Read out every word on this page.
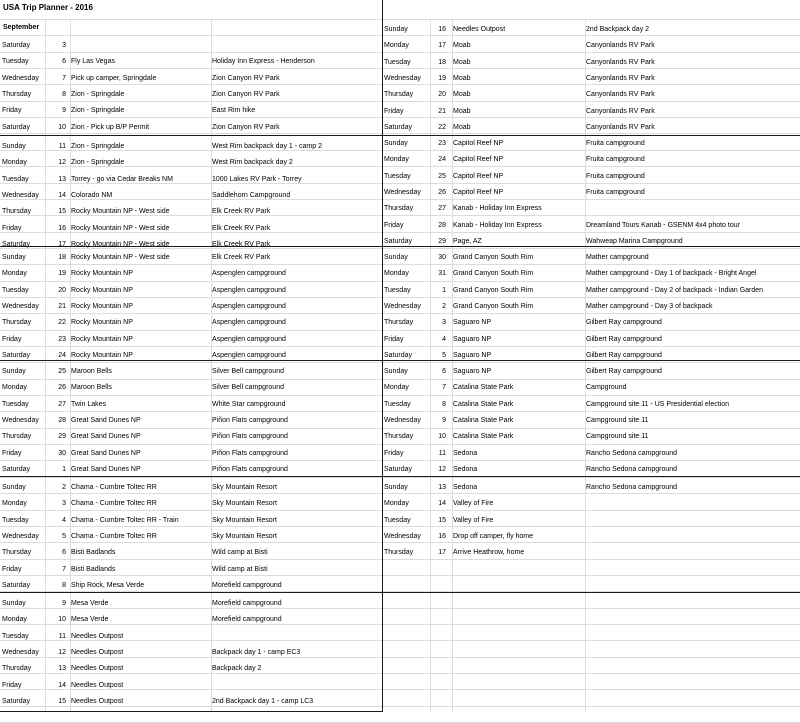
USA Trip Planner - 2016
September
Saturday	3
Tuesday	6 Fly Las Vegas	Holiday Inn Express - Henderson
Wednesday	7 Pick up camper, Springdale	Zion Canyon RV Park
Thursday	8 Zion - Springdale	Zion Canyon RV Park
Friday	9 Zion - Springdale	East Rim hike
Saturday	10 Zion - Pick up B/P Permit	Zion Canyon RV Park
Sunday	11 Zion - Springdale	West Rim backpack day 1 - camp 2
Monday	12 Zion - Springdale	West Rim backpack day 2
Tuesday	13 Torrey - go via Cedar Breaks NM	1000 Lakes RV Park - Torrey
Wednesday	14 Colorado NM	Saddlehorn Campground
Thursday	15 Rocky Mountain NP - West side	Elk Creek RV Park
Friday	16 Rocky Mountain NP - West side	Elk Creek RV Park
Saturday	17 Rocky Mountain NP - West side	Elk Creek RV Park
Sunday	18 Rocky Mountain NP - West side	Elk Creek RV Park
Monday	19 Rocky Mountain NP	Aspenglen campground
Tuesday	20 Rocky Mountain NP	Aspenglen campground
Wednesday	21 Rocky Mountain NP	Aspenglen campground
Thursday	22 Rocky Mountain NP	Aspenglen campground
Friday	23 Rocky Mountain NP	Aspenglen campground
Saturday	24 Rocky Mountain NP	Aspenglen campground
Sunday	25 Maroon Bells	Silver Bell campground
Monday	26 Maroon Bells	Silver Bell campground
Tuesday	27 Twin Lakes	White Star campground
Wednesday	28 Great Sand Dunes NP	Piñon Flats campground
Thursday	29 Great Sand Dunes NP	Piñon Flats campground
Friday	30 Great Sand Dunes NP	Piñon Flats campground
Saturday	1 Great Sand Dunes NP	Piñon Flats campground
Sunday	2 Chama - Cumbre Toltec RR	Sky Mountain Resort
Monday	3 Chama - Cumbre Toltec RR	Sky Mountain Resort
Tuesday	4 Chama - Cumbre Toltec RR - Train	Sky Mountain Resort
Wednesday	5 Chama - Cumbre Toltec RR	Sky Mountain Resort
Thursday	6 Bisti Badlands	Wild camp at Bisti
Friday	7 Bisti Badlands	Wild camp at Bisti
Saturday	8 Ship Rock, Mesa Verde	Morefield campground
Sunday	9 Mesa Verde	Morefield campground
Monday	10 Mesa Verde	Morefield campground
Tuesday	11 Needles Outpost
Wednesday	12 Needles Outpost	Backpack day 1 - camp EC3
Thursday	13 Needles Outpost	Backpack day 2
Friday	14 Needles Outpost
Saturday	15 Needles Outpost	2nd Backpack day 1 - camp LC3
Sunday	16 Needles Outpost	2nd Backpack day 2
Monday	17 Moab	Canyonlands RV Park
Tuesday	18 Moab	Canyonlands RV Park
Wednesday	19 Moab	Canyonlands RV Park
Thursday	20 Moab	Canyonlands RV Park
Friday	21 Moab	Canyonlands RV Park
Saturday	22 Moab	Canyonlands RV Park
Sunday	23 Capitol Reef NP	Fruita campground
Monday	24 Capitol Reef NP	Fruita campground
Tuesday	25 Capitol Reef NP	Fruita campground
Wednesday	26 Capitol Reef NP	Fruita campground
Thursday	27 Kanab - Holiday Inn Express
Friday	28 Kanab - Holiday Inn Express	Dreamland Tours Kanab - GSENM 4x4 photo tour
Saturday	29 Page, AZ	Wahweap Marina Campground
Sunday	30 Grand Canyon South Rim	Mather campground
Monday	31 Grand Canyon South Rim	Mather campground - Day 1 of backpack - Bright Angel
Tuesday	1 Grand Canyon South Rim	Mather campground - Day 2 of backpack - Indian Garden
Wednesday	2 Grand Canyon South Rim	Mather campground - Day 3 of backpack
Thursday	3 Saguaro NP	Gilbert Ray campground
Friday	4 Saguaro NP	Gilbert Ray campground
Saturday	5 Saguaro NP	Gilbert Ray campground
Sunday	6 Saguaro NP	Gilbert Ray campground
Monday	7 Catalina State Park	Campground
Tuesday	8 Catalina State Park	Campground site 11 - US Presidential election
Wednesday	9 Catalina State Park	Campground site 11
Thursday	10 Catalina State Park	Campground site 11
Friday	11 Sedona	Rancho Sedona campground
Saturday	12 Sedona	Rancho Sedona campground
Sunday	13 Sedona	Rancho Sedona campground
Monday	14 Valley of Fire
Tuesday	15 Valley of Fire
Wednesday	16 Drop off camper, fly home
Thursday	17 Arrive Heathrow, home
